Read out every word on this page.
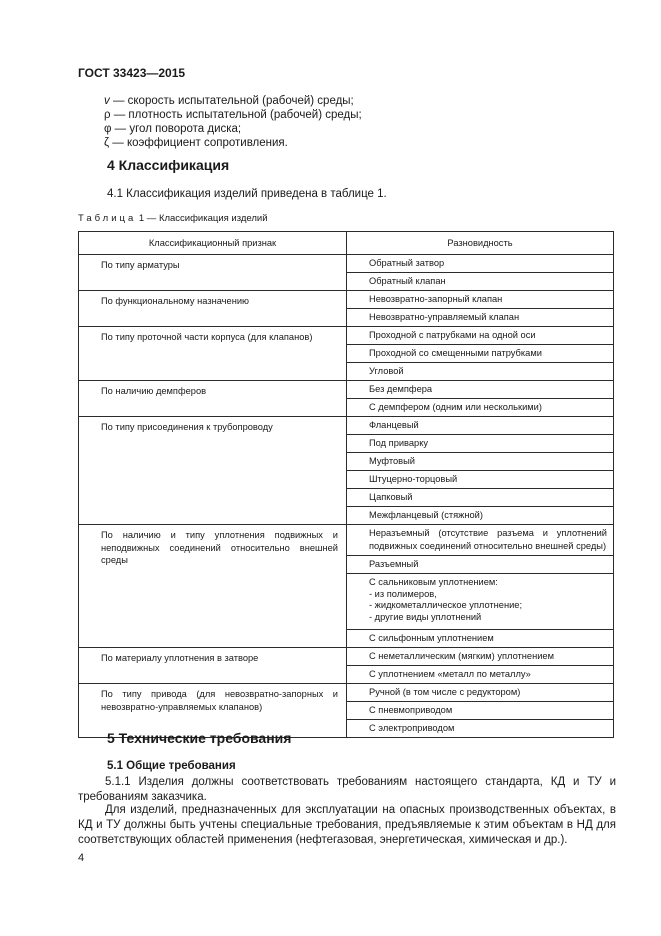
ГОСТ 33423—2015
v — скорость испытательной (рабочей) среды;
ρ — плотность испытательной (рабочей) среды;
φ — угол поворота диска;
ζ — коэффициент сопротивления.
4 Классификация
4.1 Классификация изделий приведена в таблице 1.
Таблица 1 — Классификация изделий
Классификационный признак	Разновидность
По типу арматуры	Обратный затвор
	Обратный клапан
По функциональному назначению	Невозвратно-запорный клапан
	Невозвратно-управляемый клапан
По типу проточной части корпуса (для клапанов)	Проходной с патрубками на одной оси
	Проходной со смещенными патрубками
	Угловой
По наличию демпферов	Без демпфера
	С демпфером (одним или несколькими)
По типу присоединения к трубопроводу	Фланцевый
	Под приварку
	Муфтовый
	Штуцерно-торцовый
	Цапковый
	Межфланцевый (стяжной)
По наличию и типу уплотнения подвижных и неподвижных соединений относительно внешней среды	Неразъемный (отсутствие разъема и уплотнений подвижных соединений относительно внешней среды)
	Разъемный

	С сальниковым уплотнением:
- из полимеров,
- жидкометаллическое уплотнение;
- другие виды уплотнений

	С сильфонным уплотнением
По материалу уплотнения в затворе	С неметаллическим (мягким) уплотнением
	С уплотнением «металл по металлу»
По типу привода (для невозвратно-запорных и невозвратно-управляемых клапанов)	Ручной (в том числе с редуктором)
	С пневмоприводом
	С электроприводом
5 Технические требования
5.1 Общие требования
5.1.1 Изделия должны соответствовать требованиям настоящего стандарта, КД и ТУ и требованиям заказчика.
Для изделий, предназначенных для эксплуатации на опасных производственных объектах, в КД и ТУ должны быть учтены специальные требования, предъявляемые к этим объектам в НД для соответствующих областей применения (нефтегазовая, энергетическая, химическая и др.).
4
